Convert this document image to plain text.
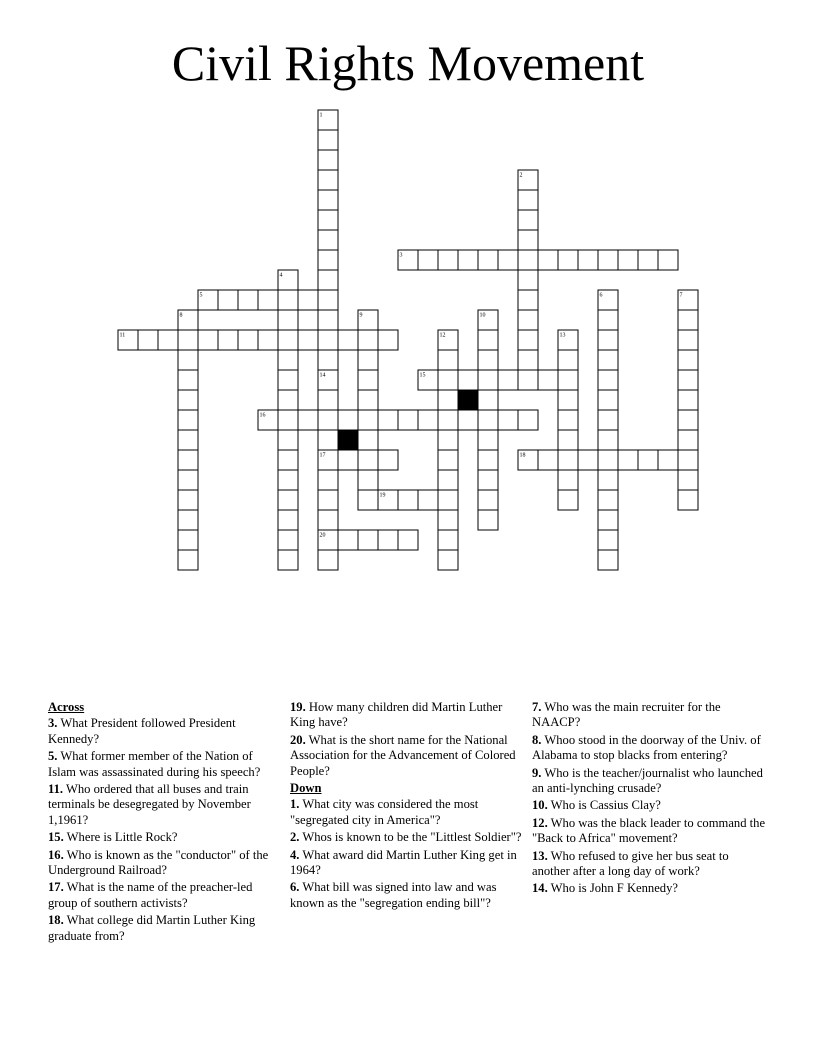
Civil Rights Movement
1
2
3
4
5	6	7
8	9	10
11	12	13
14	15
16
17	18
19
20

Across

3. What President followed President Kennedy?

5. What former member of the Nation of Islam was assassinated during his speech?

11. Who ordered that all buses and train terminals be desegregated by November 1,1961?

15. Where is Little Rock?

16. Who is known as the "conductor" of the Underground Railroad?

17. What is the name of the preacher-led group of southern activists?

18. What college did Martin Luther King graduate from?

19. How many children did Martin Luther King have?

20. What is the short name for the National Association for the Advancement of Colored People?

Down

1. What city was considered the most "segregated city in America"?

2. Whos is known to be the "Littlest Soldier"?

4. What award did Martin Luther King get in 1964?

6. What bill was signed into law and was known as the "segregation ending bill"?

7. Who was the main recruiter for the NAACP?

8. Whoo stood in the doorway of the Univ. of Alabama to stop blacks from entering?

9. Who is the teacher/journalist who launched an anti-lynching crusade?

10. Who is Cassius Clay?

12. Who was the black leader to command the "Back to Africa" movement?

13. Who refused to give her bus seat to another after a long day of work?

14. Who is John F Kennedy?
